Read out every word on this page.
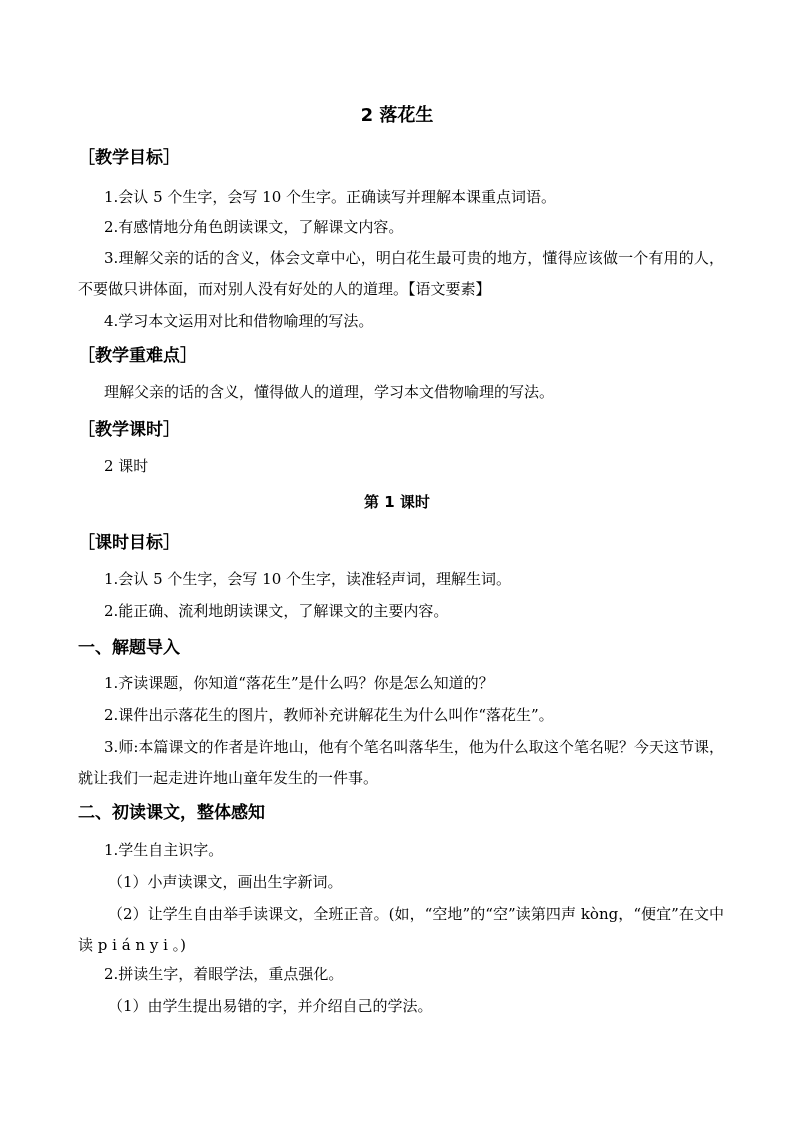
2 落花生
［教学目标］
1.会认 5 个生字，会写 10 个生字。正确读写并理解本课重点词语。
2.有感情地分角色朗读课文，了解课文内容。
3.理解父亲的话的含义，体会文章中心，明白花生最可贵的地方，懂得应该做一个有用的人，不要做只讲体面，而对别人没有好处的人的道理。【语文要素】
4.学习本文运用对比和借物喻理的写法。
［教学重难点］
理解父亲的话的含义，懂得做人的道理，学习本文借物喻理的写法。
［教学课时］
2 课时
第 1 课时
［课时目标］
1.会认 5 个生字，会写 10 个生字，读准轻声词，理解生词。
2.能正确、流利地朗读课文，了解课文的主要内容。
一、解题导入
1.齐读课题，你知道“落花生”是什么吗？你是怎么知道的？
2.课件出示落花生的图片，教师补充讲解花生为什么叫作“落花生”。
3.师:本篇课文的作者是许地山，他有个笔名叫落华生，他为什么取这个笔名呢？今天这节课，就让我们一起走进许地山童年发生的一件事。
二、初读课文，整体感知
1.学生自主识字。
（1）小声读课文，画出生字新词。
（2）让学生自由举手读课文，全班正音。(如，“空地”的“空”读第四声 kòng，“便宜”在文中读 p i á n y i 。)
2.拼读生字，着眼学法，重点强化。
（1）由学生提出易错的字，并介绍自己的学法。
